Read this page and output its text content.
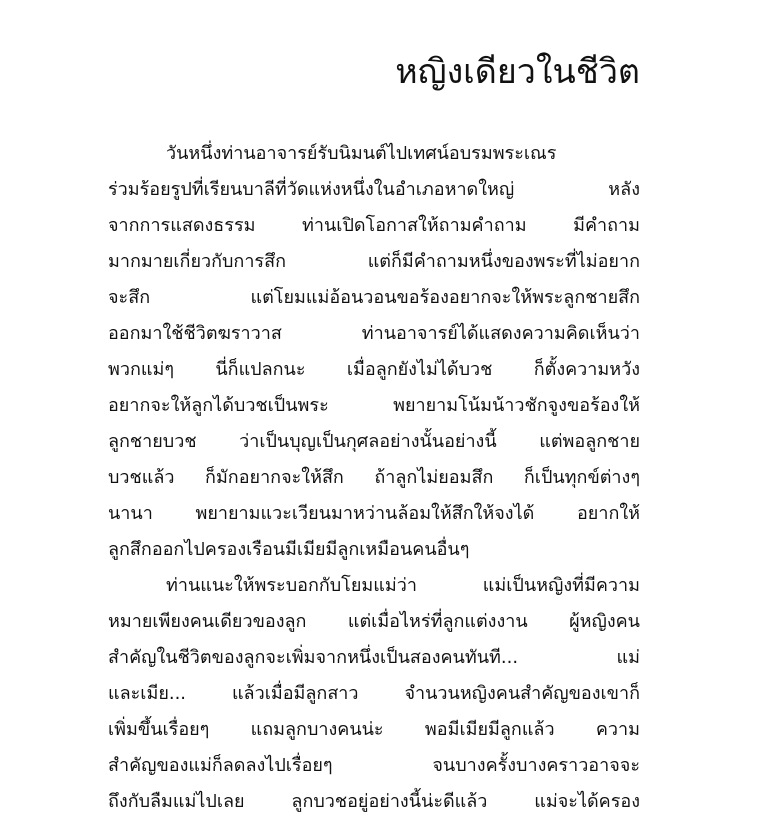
หญิงเดียวในชีวิต
วันหนึ่งท่านอาจารย์รับนิมนต์ไปเทศน์อบรมพระเณร
ร่วมร้อยรูปที่เรียนบาลีที่วัดแห่งหนึ่งในอำเภอหาดใหญ่ หลัง
จากการแสดงธรรม ท่านเปิดโอกาสให้ถามคำถาม มีคำถาม
มากมายเกี่ยวกับการสึก แต่ก็มีคำถามหนึ่งของพระที่ไม่อยาก
จะสึก แต่โยมแม่อ้อนวอนขอร้องอยากจะให้พระลูกชายสึก
ออกมาใช้ชีวิตฆราวาส ท่านอาจารย์ได้แสดงความคิดเห็นว่า
พวกแม่ๆ นี่ก็แปลกนะ เมื่อลูกยังไม่ได้บวช ก็ตั้งความหวัง
อยากจะให้ลูกได้บวชเป็นพระ พยายามโน้มน้าวชักจูงขอร้องให้
ลูกชายบวช ว่าเป็นบุญเป็นกุศลอย่างนั้นอย่างนี้ แต่พอลูกชาย
บวชแล้ว ก็มักอยากจะให้สึก ถ้าลูกไม่ยอมสึก ก็เป็นทุกข์ต่างๆ
นานา พยายามแวะเวียนมาหว่านล้อมให้สึกให้จงได้ อยากให้
ลูกสึกออกไปครองเรือนมีเมียมีลูกเหมือนคนอื่นๆ
ท่านแนะให้พระบอกกับโยมแม่ว่า แม่เป็นหญิงที่มีความ
หมายเพียงคนเดียวของลูก แต่เมื่อไหร่ที่ลูกแต่งงาน ผู้หญิงคน
สำคัญในชีวิตของลูกจะเพิ่มจากหนึ่งเป็นสองคนทันที... แม่
และเมีย... แล้วเมื่อมีลูกสาว จำนวนหญิงคนสำคัญของเขาก็
เพิ่มขึ้นเรื่อยๆ แถมลูกบางคนน่ะ พอมีเมียมีลูกแล้ว ความ
สำคัญของแม่ก็ลดลงไปเรื่อยๆ จนบางครั้งบางคราวอาจจะ
ถึงกับลืมแม่ไปเลย ลูกบวชอยู่อย่างนี้น่ะดีแล้ว แม่จะได้ครอง
